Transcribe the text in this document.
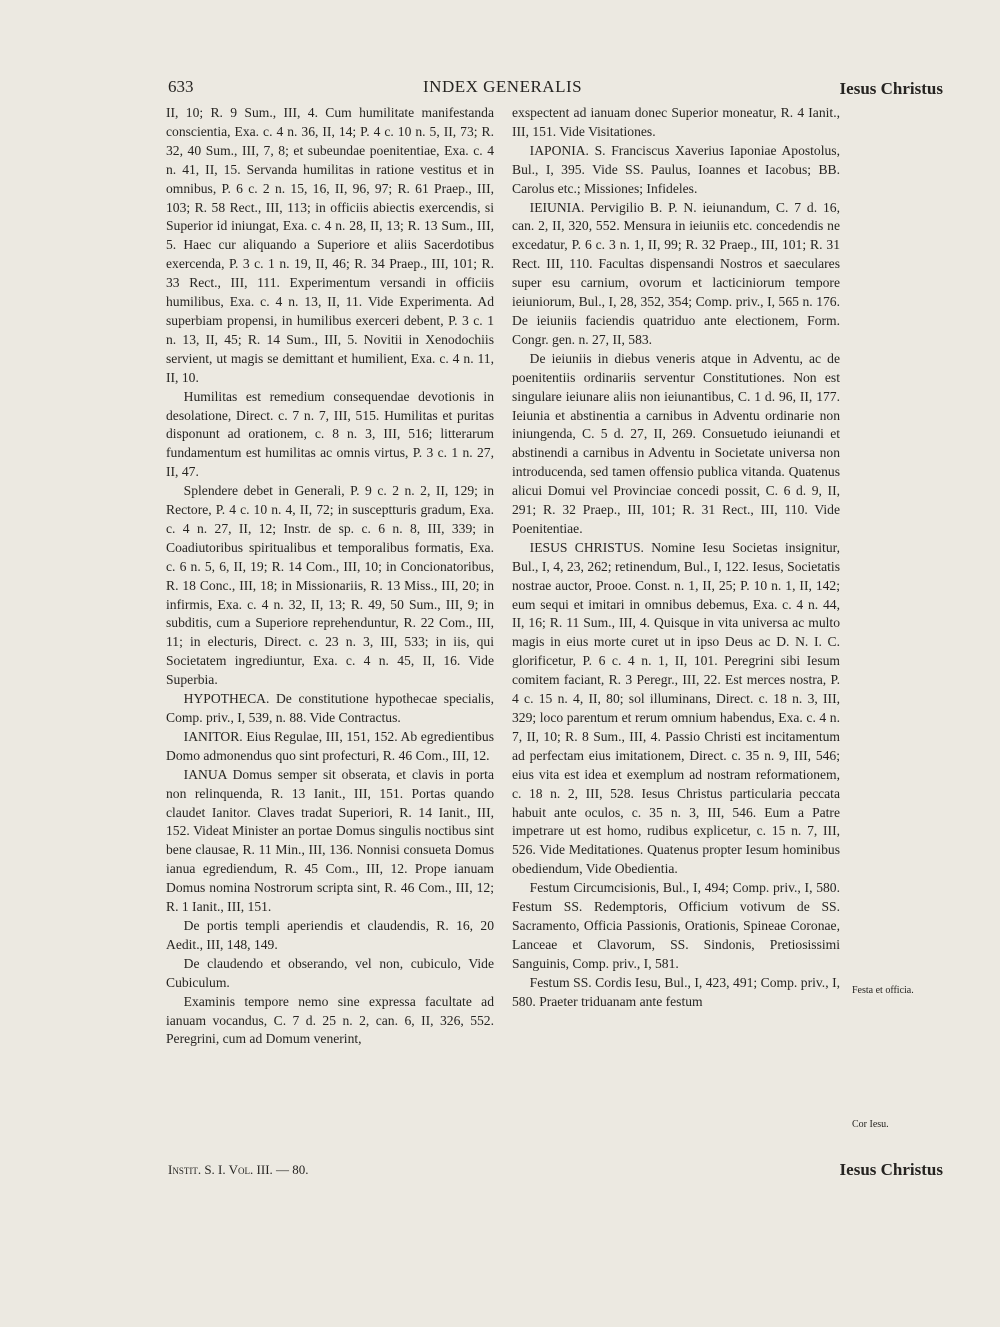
633	INDEX GENERALIS	Iesus Christus

II, 10; R. 9 Sum., III, 4. Cum humilitate manifestanda conscientia, Exa. c. 4 n. 36, II, 14; P. 4 c. 10 n. 5, II, 73; R. 32, 40 Sum., III, 7, 8; et subeundae poenitentiae, Exa. c. 4 n. 41, II, 15. Servanda humilitas in ratione vestitus et in omnibus, P. 6 c. 2 n. 15, 16, II, 96, 97; R. 61 Praep., III, 103; R. 58 Rect., III, 113; in officiis abiectis exercendis, si Superior id iniungat, Exa. c. 4 n. 28, II, 13; R. 13 Sum., III, 5. Haec cur aliquando a Superiore et aliis Sacerdotibus exercenda, P. 3 c. 1 n. 19, II, 46; R. 34 Praep., III, 101; R. 33 Rect., III, 111. Experimentum versandi in officiis humilibus, Exa. c. 4 n. 13, II, 11. Vide Experimenta. Ad superbiam propensi, in humilibus exerceri debent, P. 3 c. 1 n. 13, II, 45; R. 14 Sum., III, 5. Novitii in Xenodochiis servient, ut magis se demittant et humilient, Exa. c. 4 n. 11, II, 10.

Humilitas est remedium consequendae devotionis in desolatione, Direct. c. 7 n. 7, III, 515. Humilitas et puritas disponunt ad orationem, c. 8 n. 3, III, 516; litterarum fundamentum est humilitas ac omnis virtus, P. 3 c. 1 n. 27, II, 47.

Splendere debet in Generali, P. 9 c. 2 n. 2, II, 129; in Rectore, P. 4 c. 10 n. 4, II, 72; in susceptturis gradum, Exa. c. 4 n. 27, II, 12; Instr. de sp. c. 6 n. 8, III, 339; in Coadiutoribus spiritualibus et temporalibus formatis, Exa. c. 6 n. 5, 6, II, 19; R. 14 Com., III, 10; in Concionatoribus, R. 18 Conc., III, 18; in Missionariis, R. 13 Miss., III, 20; in infirmis, Exa. c. 4 n. 32, II, 13; R. 49, 50 Sum., III, 9; in subditis, cum a Superiore reprehenduntur, R. 22 Com., III, 11; in electuris, Direct. c. 23 n. 3, III, 533; in iis, qui Societatem ingrediuntur, Exa. c. 4 n. 45, II, 16. Vide Superbia.

HYPOTHECA. De constitutione hypothecae specialis, Comp. priv., I, 539, n. 88. Vide Contractus.

IANITOR. Eius Regulae, III, 151, 152. Ab egredientibus Domo admonendus quo sint profecturi, R. 46 Com., III, 12.

IANUA Domus semper sit obserata, et clavis in porta non relinquenda, R. 13 Ianit., III, 151. Portas quando claudet Ianitor. Claves tradat Superiori, R. 14 Ianit., III, 152. Videat Minister an portae Domus singulis noctibus sint bene clausae, R. 11 Min., III, 136. Nonnisi consueta Domus ianua egrediendum, R. 45 Com., III, 12. Prope ianuam Domus nomina Nostrorum scripta sint, R. 46 Com., III, 12; R. 1 Ianit., III, 151.

De portis templi aperiendis et claudendis, R. 16, 20 Aedit., III, 148, 149.

De claudendo et obserando, vel non, cubiculo, Vide Cubiculum.

Examinis tempore nemo sine expressa facultate ad ianuam vocandus, C. 7 d. 25 n. 2, can. 6, II, 326, 552. Peregrini, cum ad Domum venerint,

exspectent ad ianuam donec Superior moneatur, R. 4 Ianit., III, 151. Vide Visitationes.

IAPONIA. S. Franciscus Xaverius Iaponiae Apostolus, Bul., I, 395. Vide SS. Paulus, Ioannes et Iacobus; BB. Carolus etc.; Missiones; Infideles.

IEIUNIA. Pervigilio B. P. N. ieiunandum, C. 7 d. 16, can. 2, II, 320, 552. Mensura in ieiuniis etc. concedendis ne excedatur, P. 6 c. 3 n. 1, II, 99; R. 32 Praep., III, 101; R. 31 Rect. III, 110. Facultas dispensandi Nostros et saeculares super esu carnium, ovorum et lacticiniorum tempore ieiuniorum, Bul., I, 28, 352, 354; Comp. priv., I, 565 n. 176. De ieiuniis faciendis quatriduo ante electionem, Form. Congr. gen. n. 27, II, 583.

De ieiuniis in diebus veneris atque in Adventu, ac de poenitentiis ordinariis serventur Constitutiones. Non est singulare ieiunare aliis non ieiunantibus, C. 1 d. 96, II, 177. Ieiunia et abstinentia a carnibus in Adventu ordinarie non iniungenda, C. 5 d. 27, II, 269. Consuetudo ieiunandi et abstinendi a carnibus in Adventu in Societate universa non introducenda, sed tamen offensio publica vitanda. Quatenus alicui Domui vel Provinciae concedi possit, C. 6 d. 9, II, 291; R. 32 Praep., III, 101; R. 31 Rect., III, 110. Vide Poenitentiae.

IESUS CHRISTUS. Nomine Iesu Societas insignitur, Bul., I, 4, 23, 262; retinendum, Bul., I, 122. Iesus, Societatis nostrae auctor, Prooe. Const. n. 1, II, 25; P. 10 n. 1, II, 142; eum sequi et imitari in omnibus debemus, Exa. c. 4 n. 44, II, 16; R. 11 Sum., III, 4. Quisque in vita universa ac multo magis in eius morte curet ut in ipso Deus ac D. N. I. C. glorificetur, P. 6 c. 4 n. 1, II, 101. Peregrini sibi Iesum comitem faciant, R. 3 Peregr., III, 22. Est merces nostra, P. 4 c. 15 n. 4, II, 80; sol illuminans, Direct. c. 18 n. 3, III, 329; loco parentum et rerum omnium habendus, Exa. c. 4 n. 7, II, 10; R. 8 Sum., III, 4. Passio Christi est incitamentum ad perfectam eius imitationem, Direct. c. 35 n. 9, III, 546; eius vita est idea et exemplum ad nostram reformationem, c. 18 n. 2, III, 528. Iesus Christus particularia peccata habuit ante oculos, c. 35 n. 3, III, 546. Eum a Patre impetrare ut est homo, rudibus explicetur, c. 15 n. 7, III, 526. Vide Meditationes. Quatenus propter Iesum hominibus obediendum, Vide Obedientia.

Festum Circumcisionis, Bul., I, 494; Comp. priv., I, 580. Festum SS. Redemptoris, Officium votivum de SS. Sacramento, Officia Passionis, Orationis, Spineae Coronae, Lanceae et Clavorum, SS. Sindonis, Pretiosissimi Sanguinis, Comp. priv., I, 581.

Festum SS. Cordis Iesu, Bul., I, 423, 491; Comp. priv., I, 580. Praeter triduanam ante festum

Festa et officia.
Cor Iesu.
Instit. S. I. Vol. III. — 80.	Iesus Christus
